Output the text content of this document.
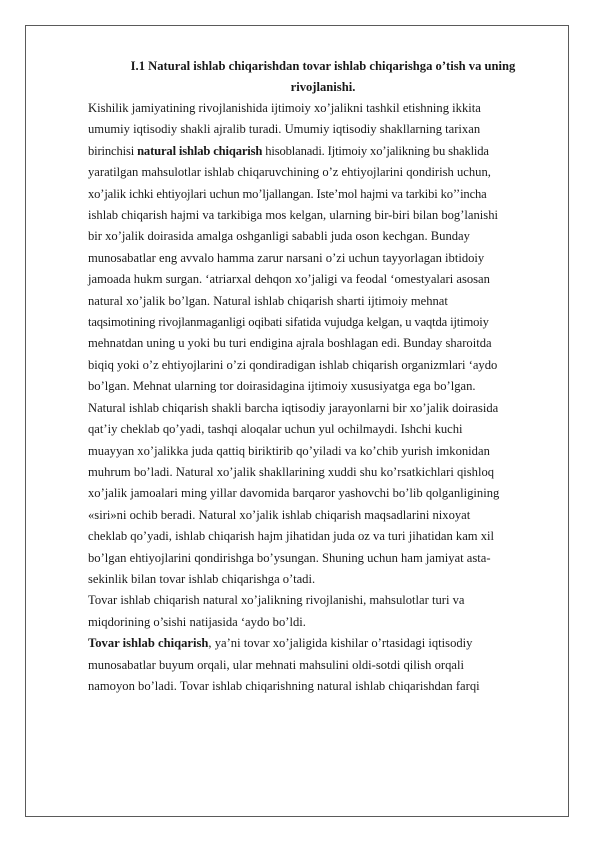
I.1 Natural ishlab chiqarishdan tovar ishlab chiqarishga o’tish va uning
rivojlanishi.
Kishilik jamiyatining rivojlanishida ijtimoiy xo’jalikni tashkil etishning ikkita
umumiy iqtisodiy shakli ajralib turadi. Umumiy iqtisodiy shakllarning tarixan
birinchisi natural ishlab chiqarish hisoblanadi. Ijtimoiy xo’jalikning bu shaklida
yaratilgan mahsulotlar ishlab chiqaruvchining o’z ehtiyojlarini qondirish uchun,
xo’jalik ichki ehtiyojlari uchun mo’ljallangan. Iste’mol hajmi va tarkibi ko’’incha
ishlab chiqarish hajmi va tarkibiga mos kelgan, ularning bir-biri bilan bog’lanishi
bir xo’jalik doirasida amalga oshganligi sababli juda oson kechgan. Bunday
munosabatlar eng avvalo hamma zarur narsani o’zi uchun tayyorlagan ibtidoiy
jamoada hukm surgan. ‘atriarxal dehqon xo’jaligi va feodal ‘omestyalari asosan
natural xo’jalik bo’lgan. Natural ishlab chiqarish sharti ijtimoiy mehnat
taqsimotining rivojlanmaganligi oqibati sifatida vujudga kelgan, u vaqtda ijtimoiy
mehnatdan uning u yoki bu turi endigina ajrala boshlagan edi. Bunday sharoitda
biqiq yoki o’z ehtiyojlarini o’zi qondiradigan ishlab chiqarish organizmlari ‘aydo
bo’lgan. Mehnat ularning tor doirasidagina ijtimoiy xususiyatga ega bo’lgan.
Natural ishlab chiqarish shakli barcha iqtisodiy jarayonlarni bir xo’jalik doirasida
qat’iy cheklab qo’yadi, tashqi aloqalar uchun yul ochilmaydi. Ishchi kuchi
muayyan xo’jalikka juda qattiq biriktirib qo’yiladi va ko’chib yurish imkonidan
muhrum bo’ladi. Natural xo’jalik shakllarining xuddi shu ko’rsatkichlari qishloq
xo’jalik jamoalari ming yillar davomida barqaror yashovchi bo’lib qolganligining
«siri»ni ochib beradi. Natural xo’jalik ishlab chiqarish maqsadlarini nixoyat
cheklab qo’yadi, ishlab chiqarish hajm jihatidan juda oz va turi jihatidan kam xil
bo’lgan ehtiyojlarini qondirishga bo’ysungan. Shuning uchun ham jamiyat asta-
sekinlik bilan tovar ishlab chiqarishga o’tadi.
Tovar ishlab chiqarish natural xo’jalikning rivojlanishi, mahsulotlar turi va
miqdorining o’sishi natijasida ‘aydo bo’ldi.
Tovar ishlab chiqarish, ya’ni tovar xo’jaligida kishilar o’rtasidagi iqtisodiy
munosabatlar buyum orqali, ular mehnati mahsulini oldi-sotdi qilish orqali
namoyon bo’ladi. Tovar ishlab chiqarishning natural ishlab chiqarishdan farqi
